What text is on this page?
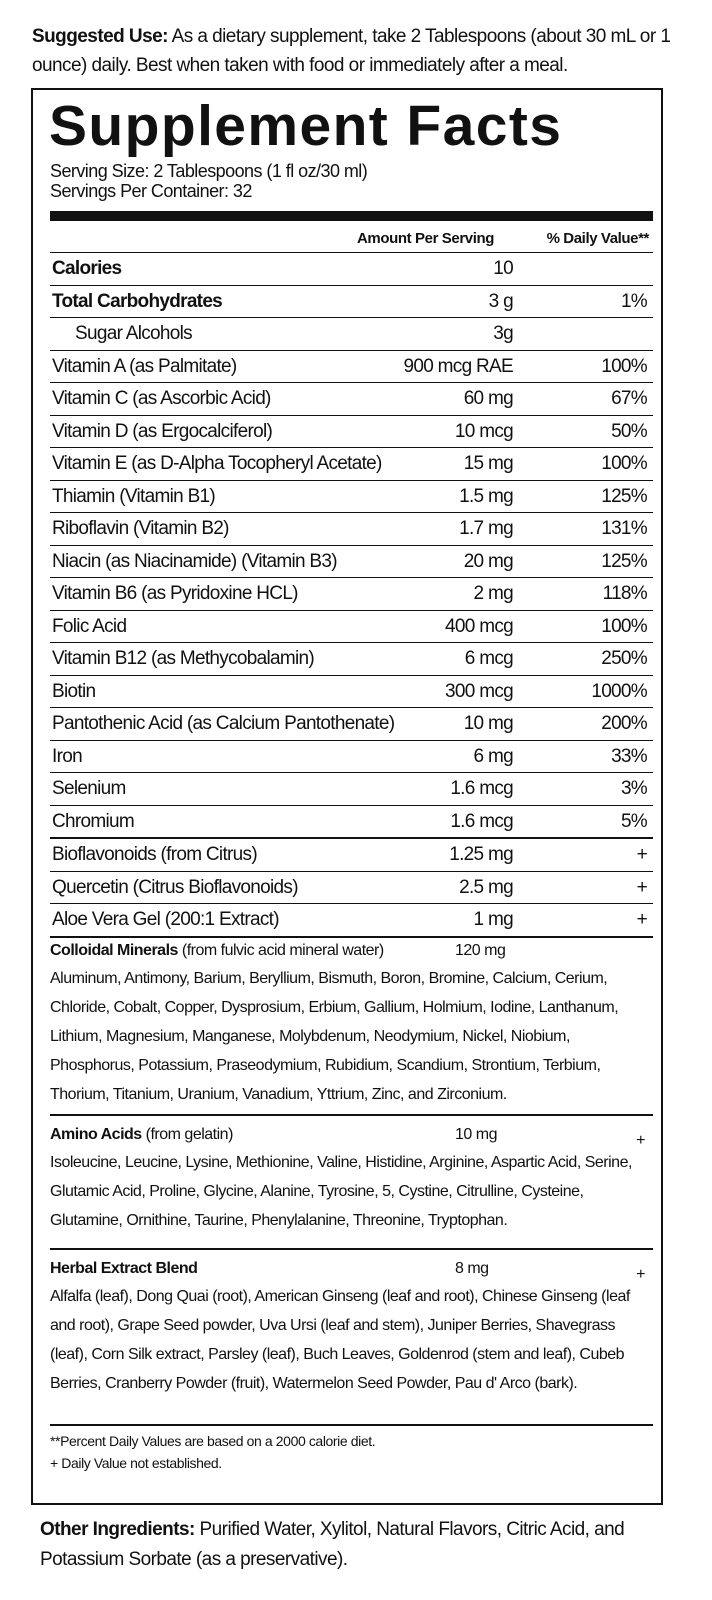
Suggested Use: As a dietary supplement, take 2 Tablespoons (about 30 mL or 1 ounce) daily. Best when taken with food or immediately after a meal.
Supplement Facts
Serving Size: 2 Tablespoons (1 fl oz/30 ml)
Servings Per Container: 32
Amount Per Serving	% Daily Value**
Calories	10
Total Carbohydrates	3 g	1%
Sugar Alcohols	3g
Vitamin A (as Palmitate)	900 mcg RAE	100%
Vitamin C (as Ascorbic Acid)	60 mg	67%
Vitamin D (as Ergocalciferol)	10 mcg	50%
Vitamin E (as D-Alpha Tocopheryl Acetate)	15 mg	100%
Thiamin (Vitamin B1)	1.5 mg	125%
Riboflavin (Vitamin B2)	1.7 mg	131%
Niacin (as Niacinamide) (Vitamin B3)	20 mg	125%
Vitamin B6 (as Pyridoxine HCL)	2 mg	118%
Folic Acid	400 mcg	100%
Vitamin B12 (as Methycobalamin)	6 mcg	250%
Biotin	300 mcg	1000%
Pantothenic Acid (as Calcium Pantothenate)	10 mg	200%
Iron	6 mg	33%
Selenium	1.6 mcg	3%
Chromium	1.6 mcg	5%
Bioflavonoids (from Citrus)	1.25 mg	+
Quercetin (Citrus Bioflavonoids)	2.5 mg	+
Aloe Vera Gel (200:1 Extract)	1 mg	+
Colloidal Minerals (from fulvic acid mineral water)	120 mg
Aluminum, Antimony, Barium, Beryllium, Bismuth, Boron, Bromine, Calcium, Cerium, Chloride, Cobalt, Copper, Dysprosium, Erbium, Gallium, Holmium, Iodine, Lanthanum, Lithium, Magnesium, Manganese, Molybdenum, Neodymium, Nickel, Niobium, Phosphorus, Potassium, Praseodymium, Rubidium, Scandium, Strontium, Terbium, Thorium, Titanium, Uranium, Vanadium, Yttrium, Zinc, and Zirconium.
Amino Acids (from gelatin)	10 mg	+
Isoleucine, Leucine, Lysine, Methionine, Valine, Histidine, Arginine, Aspartic Acid, Serine, Glutamic Acid, Proline, Glycine, Alanine, Tyrosine, 5, Cystine, Citrulline, Cysteine, Glutamine, Ornithine, Taurine, Phenylalanine, Threonine, Tryptophan.
Herbal Extract Blend	8 mg	+
Alfalfa (leaf), Dong Quai (root), American Ginseng (leaf and root), Chinese Ginseng (leaf and root), Grape Seed powder, Uva Ursi (leaf and stem), Juniper Berries, Shavegrass (leaf), Corn Silk extract, Parsley (leaf), Buch Leaves, Goldenrod (stem and leaf), Cubeb Berries, Cranberry Powder (fruit), Watermelon Seed Powder, Pau d' Arco (bark).
**Percent Daily Values are based on a 2000 calorie diet.
+ Daily Value not established.
Other Ingredients: Purified Water, Xylitol, Natural Flavors, Citric Acid, and Potassium Sorbate (as a preservative).
